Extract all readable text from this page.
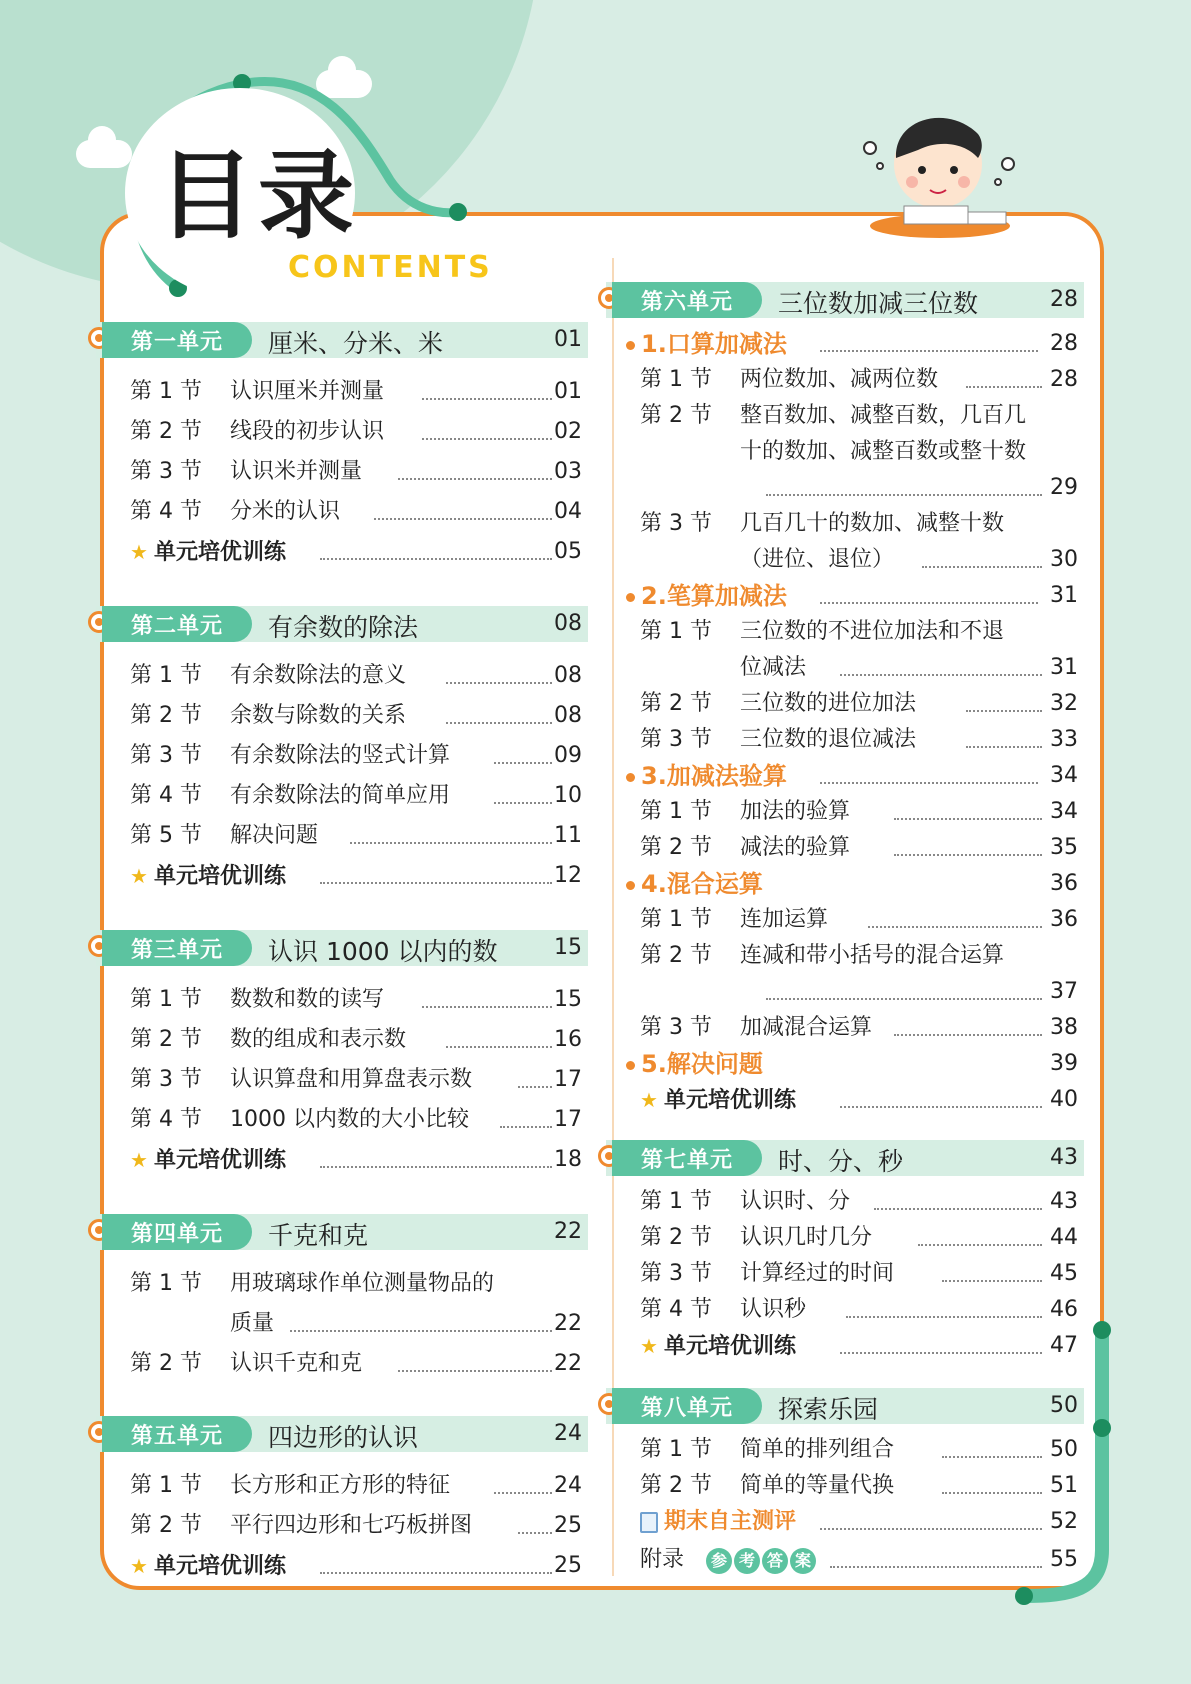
目录
CONTENTS
第一单元	厘米、分米、米	01
第 1 节 认识厘米并测量	01
第 2 节 线段的初步认识	02
第 3 节 认识米并测量	03
第 4 节 分米的认识	04
★ 单元培优训练	05
第二单元	有余数的除法	08
第 1 节 有余数除法的意义	08
第 2 节 余数与除数的关系	08
第 3 节 有余数除法的竖式计算	09
第 4 节 有余数除法的简单应用	10
第 5 节 解决问题	11
★ 单元培优训练	12
第三单元	认识 1000 以内的数	15
第 1 节 数数和数的读写	15
第 2 节 数的组成和表示数	16
第 3 节 认识算盘和用算盘表示数	17
第 4 节 1000 以内数的大小比较	17
★ 单元培优训练	18
第四单元	千克和克	22
第 1 节 用玻璃球作单位测量物品的
质量	22
第 2 节 认识千克和克	22
第五单元	四边形的认识	24
第 1 节 长方形和正方形的特征	24
第 2 节 平行四边形和七巧板拼图	25
★ 单元培优训练	25
第六单元	三位数加减三位数	28
1.口算加减法	28
第 1 节 两位数加、减两位数	28
第 2 节 整百数加、减整百数，几百几
十的数加、减整百数或整十数
29
第 3 节 几百几十的数加、减整十数
（进位、退位）	30
2.笔算加减法	31
第 1 节 三位数的不进位加法和不退
位减法	31
第 2 节 三位数的进位加法	32
第 3 节 三位数的退位减法	33
3.加减法验算	34
第 1 节 加法的验算	34
第 2 节 减法的验算	35
4.混合运算	36
第 1 节 连加运算	36
第 2 节 连减和带小括号的混合运算
37
第 3 节 加减混合运算	38
5.解决问题	39
★ 单元培优训练	40
第七单元	时、分、秒	43
第 1 节 认识时、分	43
第 2 节 认识几时几分	44
第 3 节 计算经过的时间	45
第 4 节 认识秒	46
★ 单元培优训练	47
第八单元	探索乐园	50
第 1 节 简单的排列组合	50
第 2 节 简单的等量代换	51
期末自主测评	52
附录	参 考 答 案	55
